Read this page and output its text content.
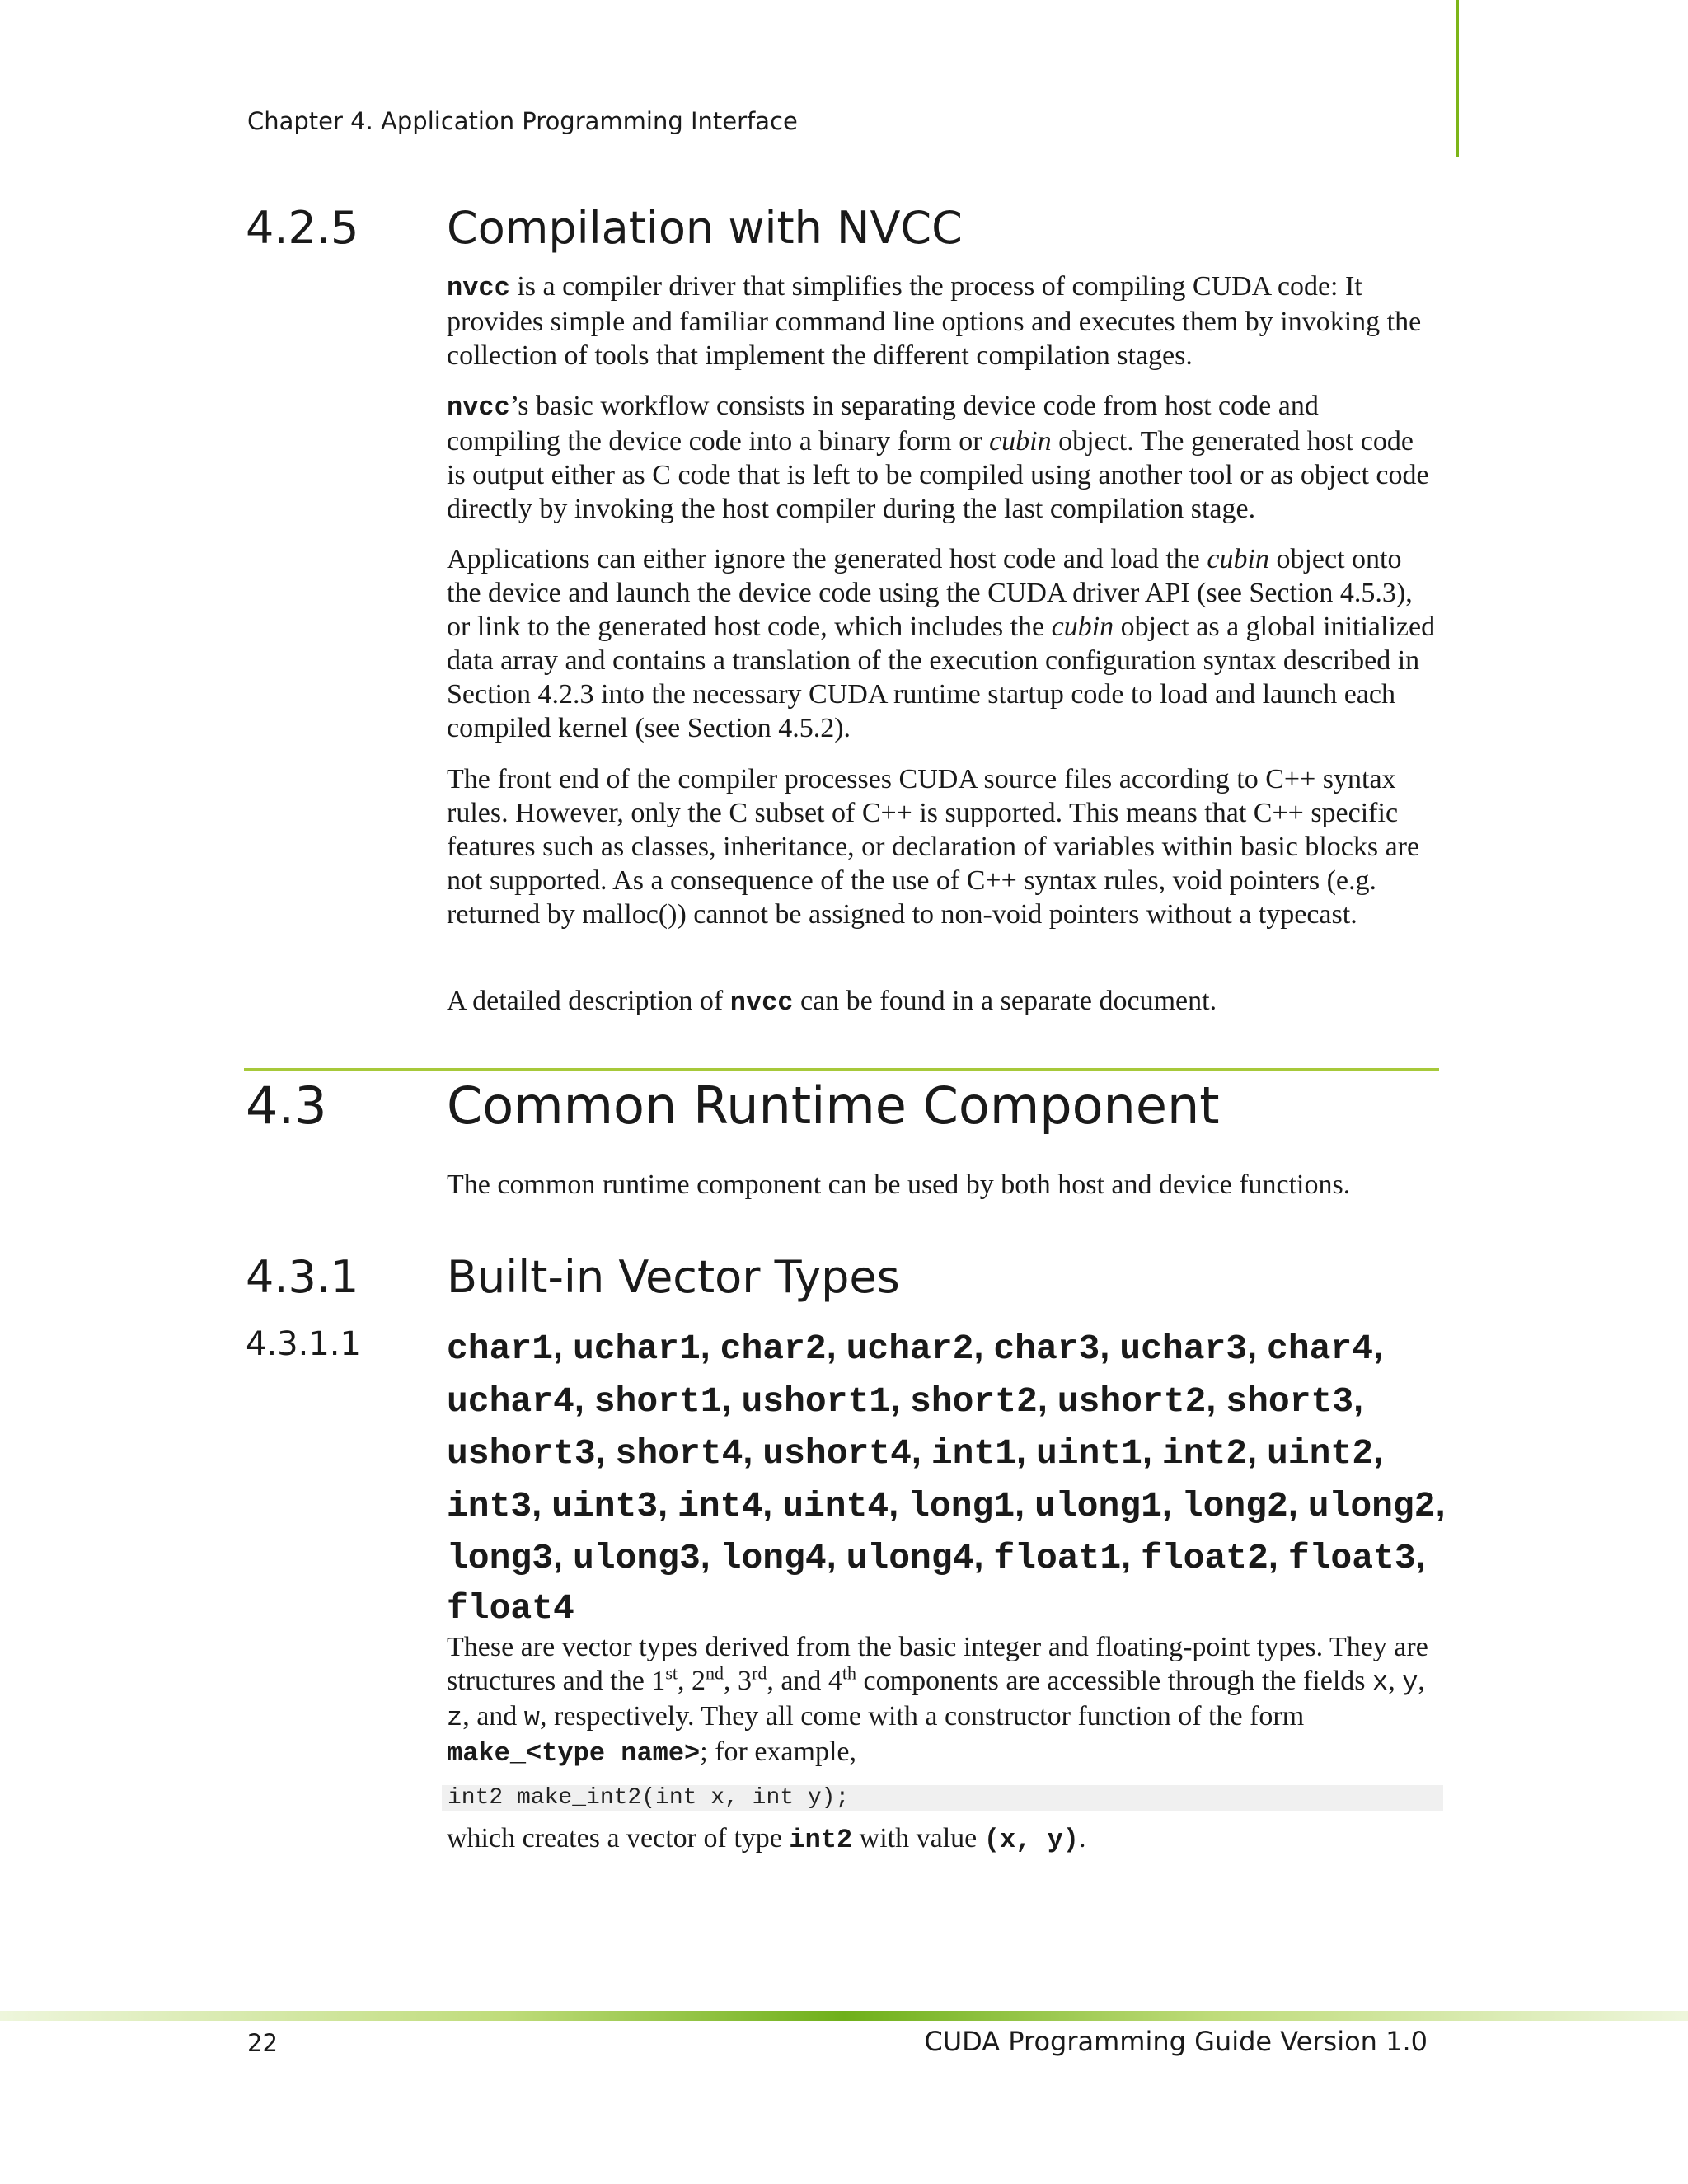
Chapter 4. Application Programming Interface
4.2.5 Compilation with NVCC

nvcc is a compiler driver that simplifies the process of compiling CUDA code: It provides simple and familiar command line options and executes them by invoking the collection of tools that implement the different compilation stages.

nvcc’s basic workflow consists in separating device code from host code and compiling the device code into a binary form or cubin object. The generated host code is output either as C code that is left to be compiled using another tool or as object code directly by invoking the host compiler during the last compilation stage.

Applications can either ignore the generated host code and load the cubin object onto the device and launch the device code using the CUDA driver API (see Section 4.5.3), or link to the generated host code, which includes the cubin object as a global initialized data array and contains a translation of the execution configuration syntax described in Section 4.2.3 into the necessary CUDA runtime startup code to load and launch each compiled kernel (see Section 4.5.2).

The front end of the compiler processes CUDA source files according to C++ syntax rules. However, only the C subset of C++ is supported. This means that C++ specific features such as classes, inheritance, or declaration of variables within basic blocks are not supported. As a consequence of the use of C++ syntax rules, void pointers (e.g. returned by malloc()) cannot be assigned to non-void pointers without a typecast.

A detailed description of nvcc can be found in a separate document.

4.3 Common Runtime Component

The common runtime component can be used by both host and device functions.

4.3.1 Built-in Vector Types
4.3.1.1 char1, uchar1, char2, uchar2, char3, uchar3, char4, uchar4, short1, ushort1, short2, ushort2, short3, ushort3, short4, ushort4, int1, uint1, int2, uint2, int3, uint3, int4, uint4, long1, ulong1, long2, ulong2, long3, ulong3, long4, ulong4, float1, float2, float3, float4

These are vector types derived from the basic integer and floating-point types. They are structures and the 1st, 2nd, 3rd, and 4th components are accessible through the fields x, y, z, and w, respectively. They all come with a constructor function of the form make_<type name>; for example,

int2 make_int2(int x, int y);

which creates a vector of type int2 with value (x, y).

22	CUDA Programming Guide Version 1.0
